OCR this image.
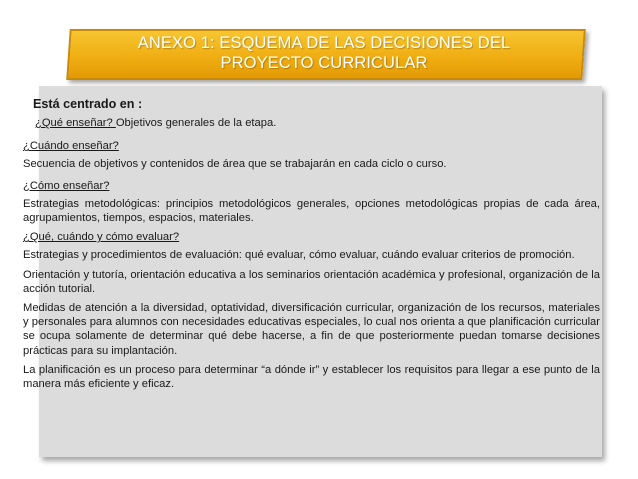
ANEXO 1: ESQUEMA DE LAS DECISIONES DEL
PROYECTO CURRICULAR
Está centrado en :
¿Qué enseñar? Objetivos generales de la etapa.
¿Cuándo enseñar?
Secuencia de objetivos y contenidos de área que se trabajarán en cada ciclo o curso.
¿Cómo enseñar?
Estrategias metodológicas: principios metodológicos generales, opciones metodológicas propias de cada área, agrupamientos, tiempos, espacios, materiales.
¿Qué, cuándo y cómo evaluar?
Estrategias y procedimientos de evaluación: qué evaluar, cómo evaluar, cuándo evaluar criterios de promoción.
Orientación y tutoría, orientación educativa a los seminarios orientación académica y profesional, organización de la acción tutorial.
Medidas de atención a la diversidad, optatividad, diversificación curricular, organización de los recursos, materiales y personales para alumnos con necesidades educativas especiales, lo cual nos orienta a que planificación curricular se ocupa solamente de determinar qué debe hacerse, a fin de que posteriormente puedan tomarse decisiones prácticas para su implantación.
La planificación es un proceso para determinar “a dónde ir” y establecer los requisitos para llegar a ese punto de la manera más eficiente y eficaz.
